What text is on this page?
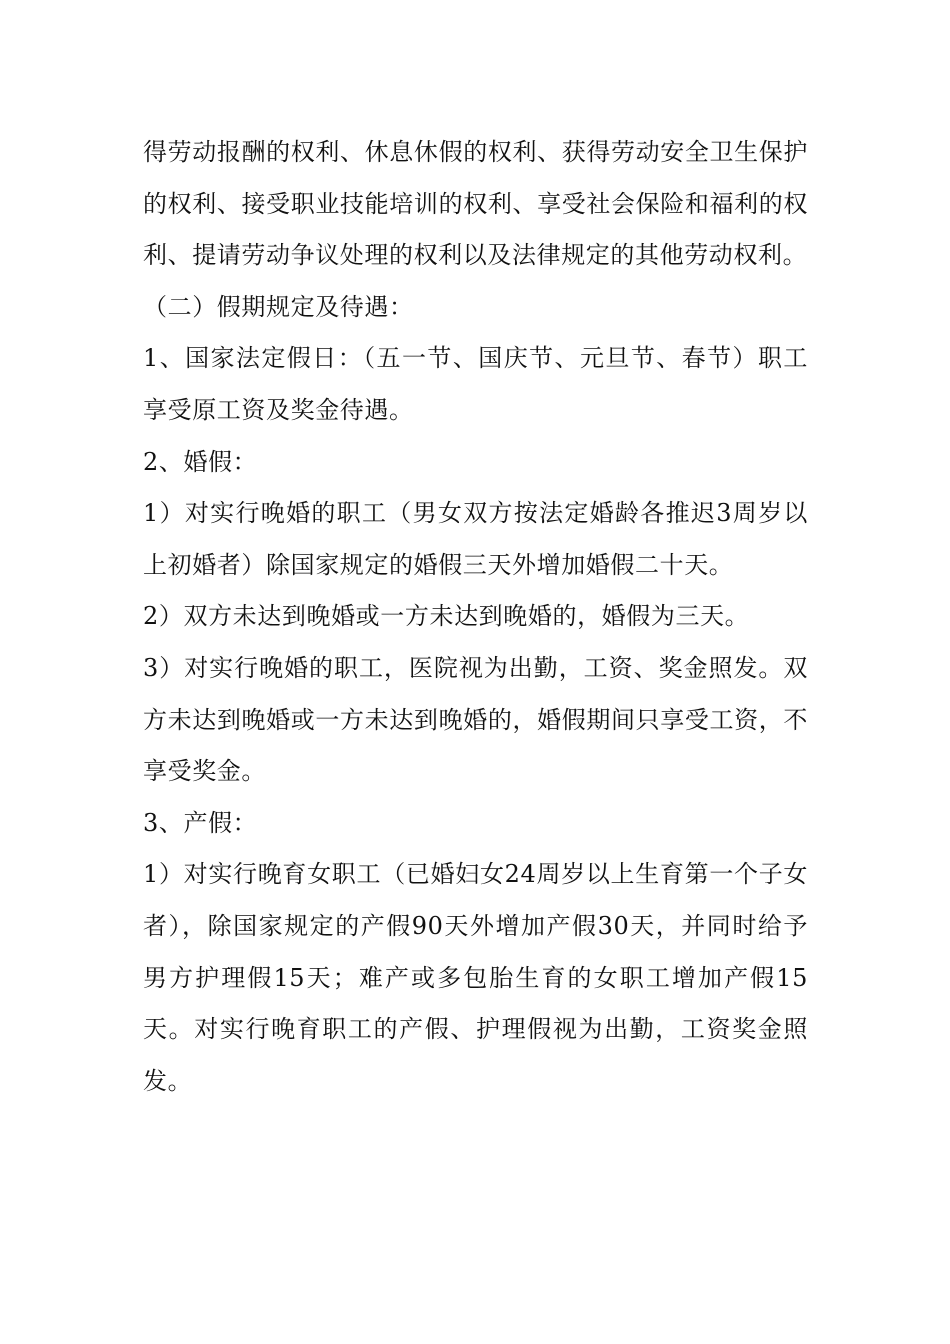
得劳动报酬的权利、休息休假的权利、获得劳动安全卫生保护的权利、接受职业技能培训的权利、享受社会保险和福利的权利、提请劳动争议处理的权利以及法律规定的其他劳动权利。

（二）假期规定及待遇：

1、国家法定假日：（五一节、国庆节、元旦节、春节）职工享受原工资及奖金待遇。

2、婚假：

1）对实行晚婚的职工（男女双方按法定婚龄各推迟3周岁以上初婚者）除国家规定的婚假三天外增加婚假二十天。

2）双方未达到晚婚或一方未达到晚婚的，婚假为三天。

3）对实行晚婚的职工，医院视为出勤，工资、奖金照发。双方未达到晚婚或一方未达到晚婚的，婚假期间只享受工资，不享受奖金。

3、产假：

1）对实行晚育女职工（已婚妇女24周岁以上生育第一个子女者），除国家规定的产假90天外增加产假30天，并同时给予男方护理假15天；难产或多包胎生育的女职工增加产假15天。对实行晚育职工的产假、护理假视为出勤，工资奖金照发。
